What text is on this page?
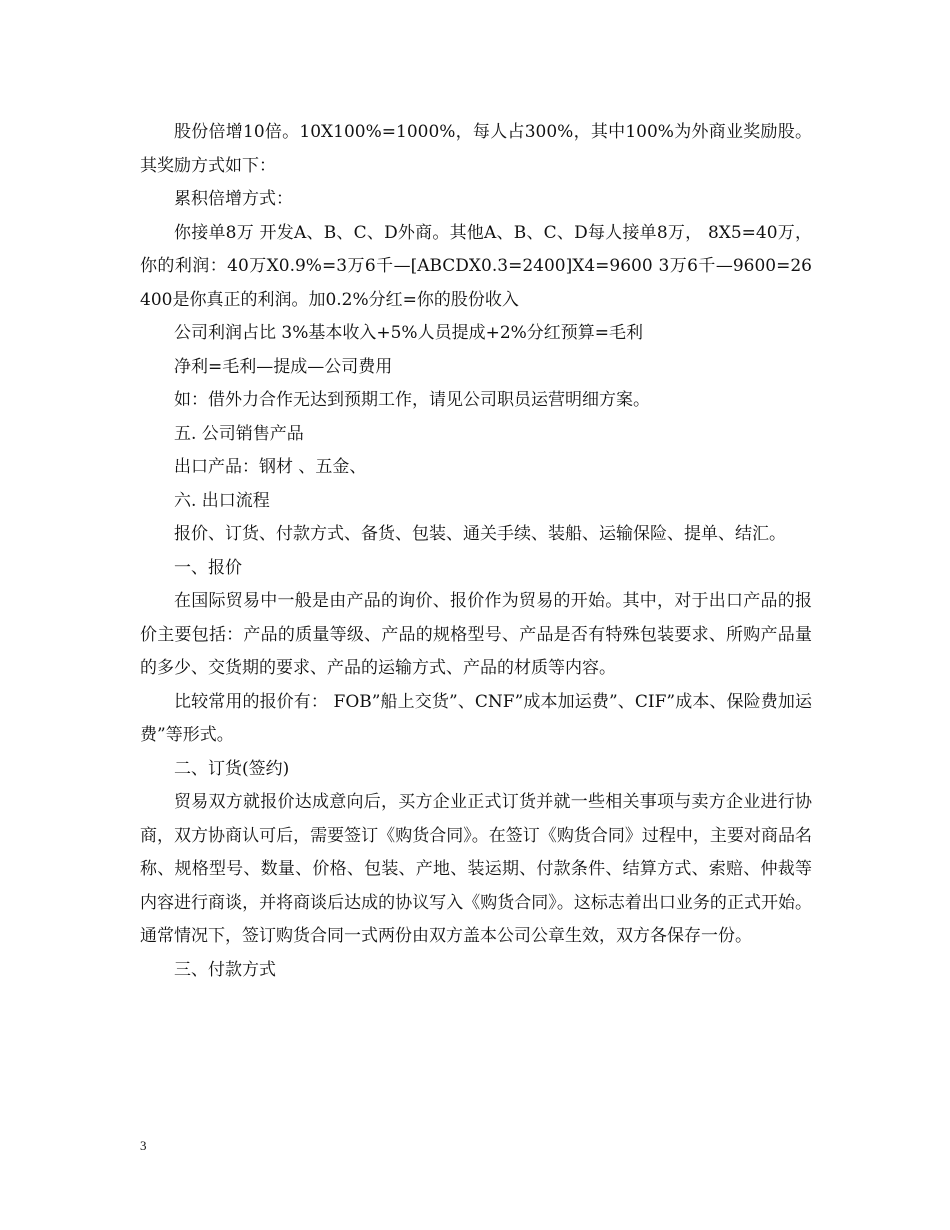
股份倍增10倍。10X100%=1000%，每人占300%，其中100%为外商业奖励股。其奖励方式如下：

累积倍增方式：

你接单8万 开发A、B、C、D外商。其他A、B、C、D每人接单8万， 8X5=40万，你的利润：40万X0.9%=3万6千—[ABCDX0.3=2400]X4=9600 3万6千—9600=26400是你真正的利润。加0.2%分红=你的股份收入

公司利润占比 3%基本收入+5%人员提成+2%分红预算=毛利

净利=毛利—提成—公司费用

如：借外力合作无达到预期工作，请见公司职员运营明细方案。

五. 公司销售产品

出口产品：钢材 、五金、

六. 出口流程

报价、订货、付款方式、备货、包装、通关手续、装船、运输保险、提单、结汇。

一、报价

在国际贸易中一般是由产品的询价、报价作为贸易的开始。其中，对于出口产品的报价主要包括：产品的质量等级、产品的规格型号、产品是否有特殊包装要求、所购产品量的多少、交货期的要求、产品的运输方式、产品的材质等内容。

比较常用的报价有： FOB”船上交货”、CNF”成本加运费”、CIF”成本、保险费加运费”等形式。

二、订货(签约)

贸易双方就报价达成意向后，买方企业正式订货并就一些相关事项与卖方企业进行协商，双方协商认可后，需要签订《购货合同》。在签订《购货合同》过程中，主要对商品名称、规格型号、数量、价格、包装、产地、装运期、付款条件、结算方式、索赔、仲裁等内容进行商谈，并将商谈后达成的协议写入《购货合同》。这标志着出口业务的正式开始。通常情况下，签订购货合同一式两份由双方盖本公司公章生效，双方各保存一份。

三、付款方式

3
